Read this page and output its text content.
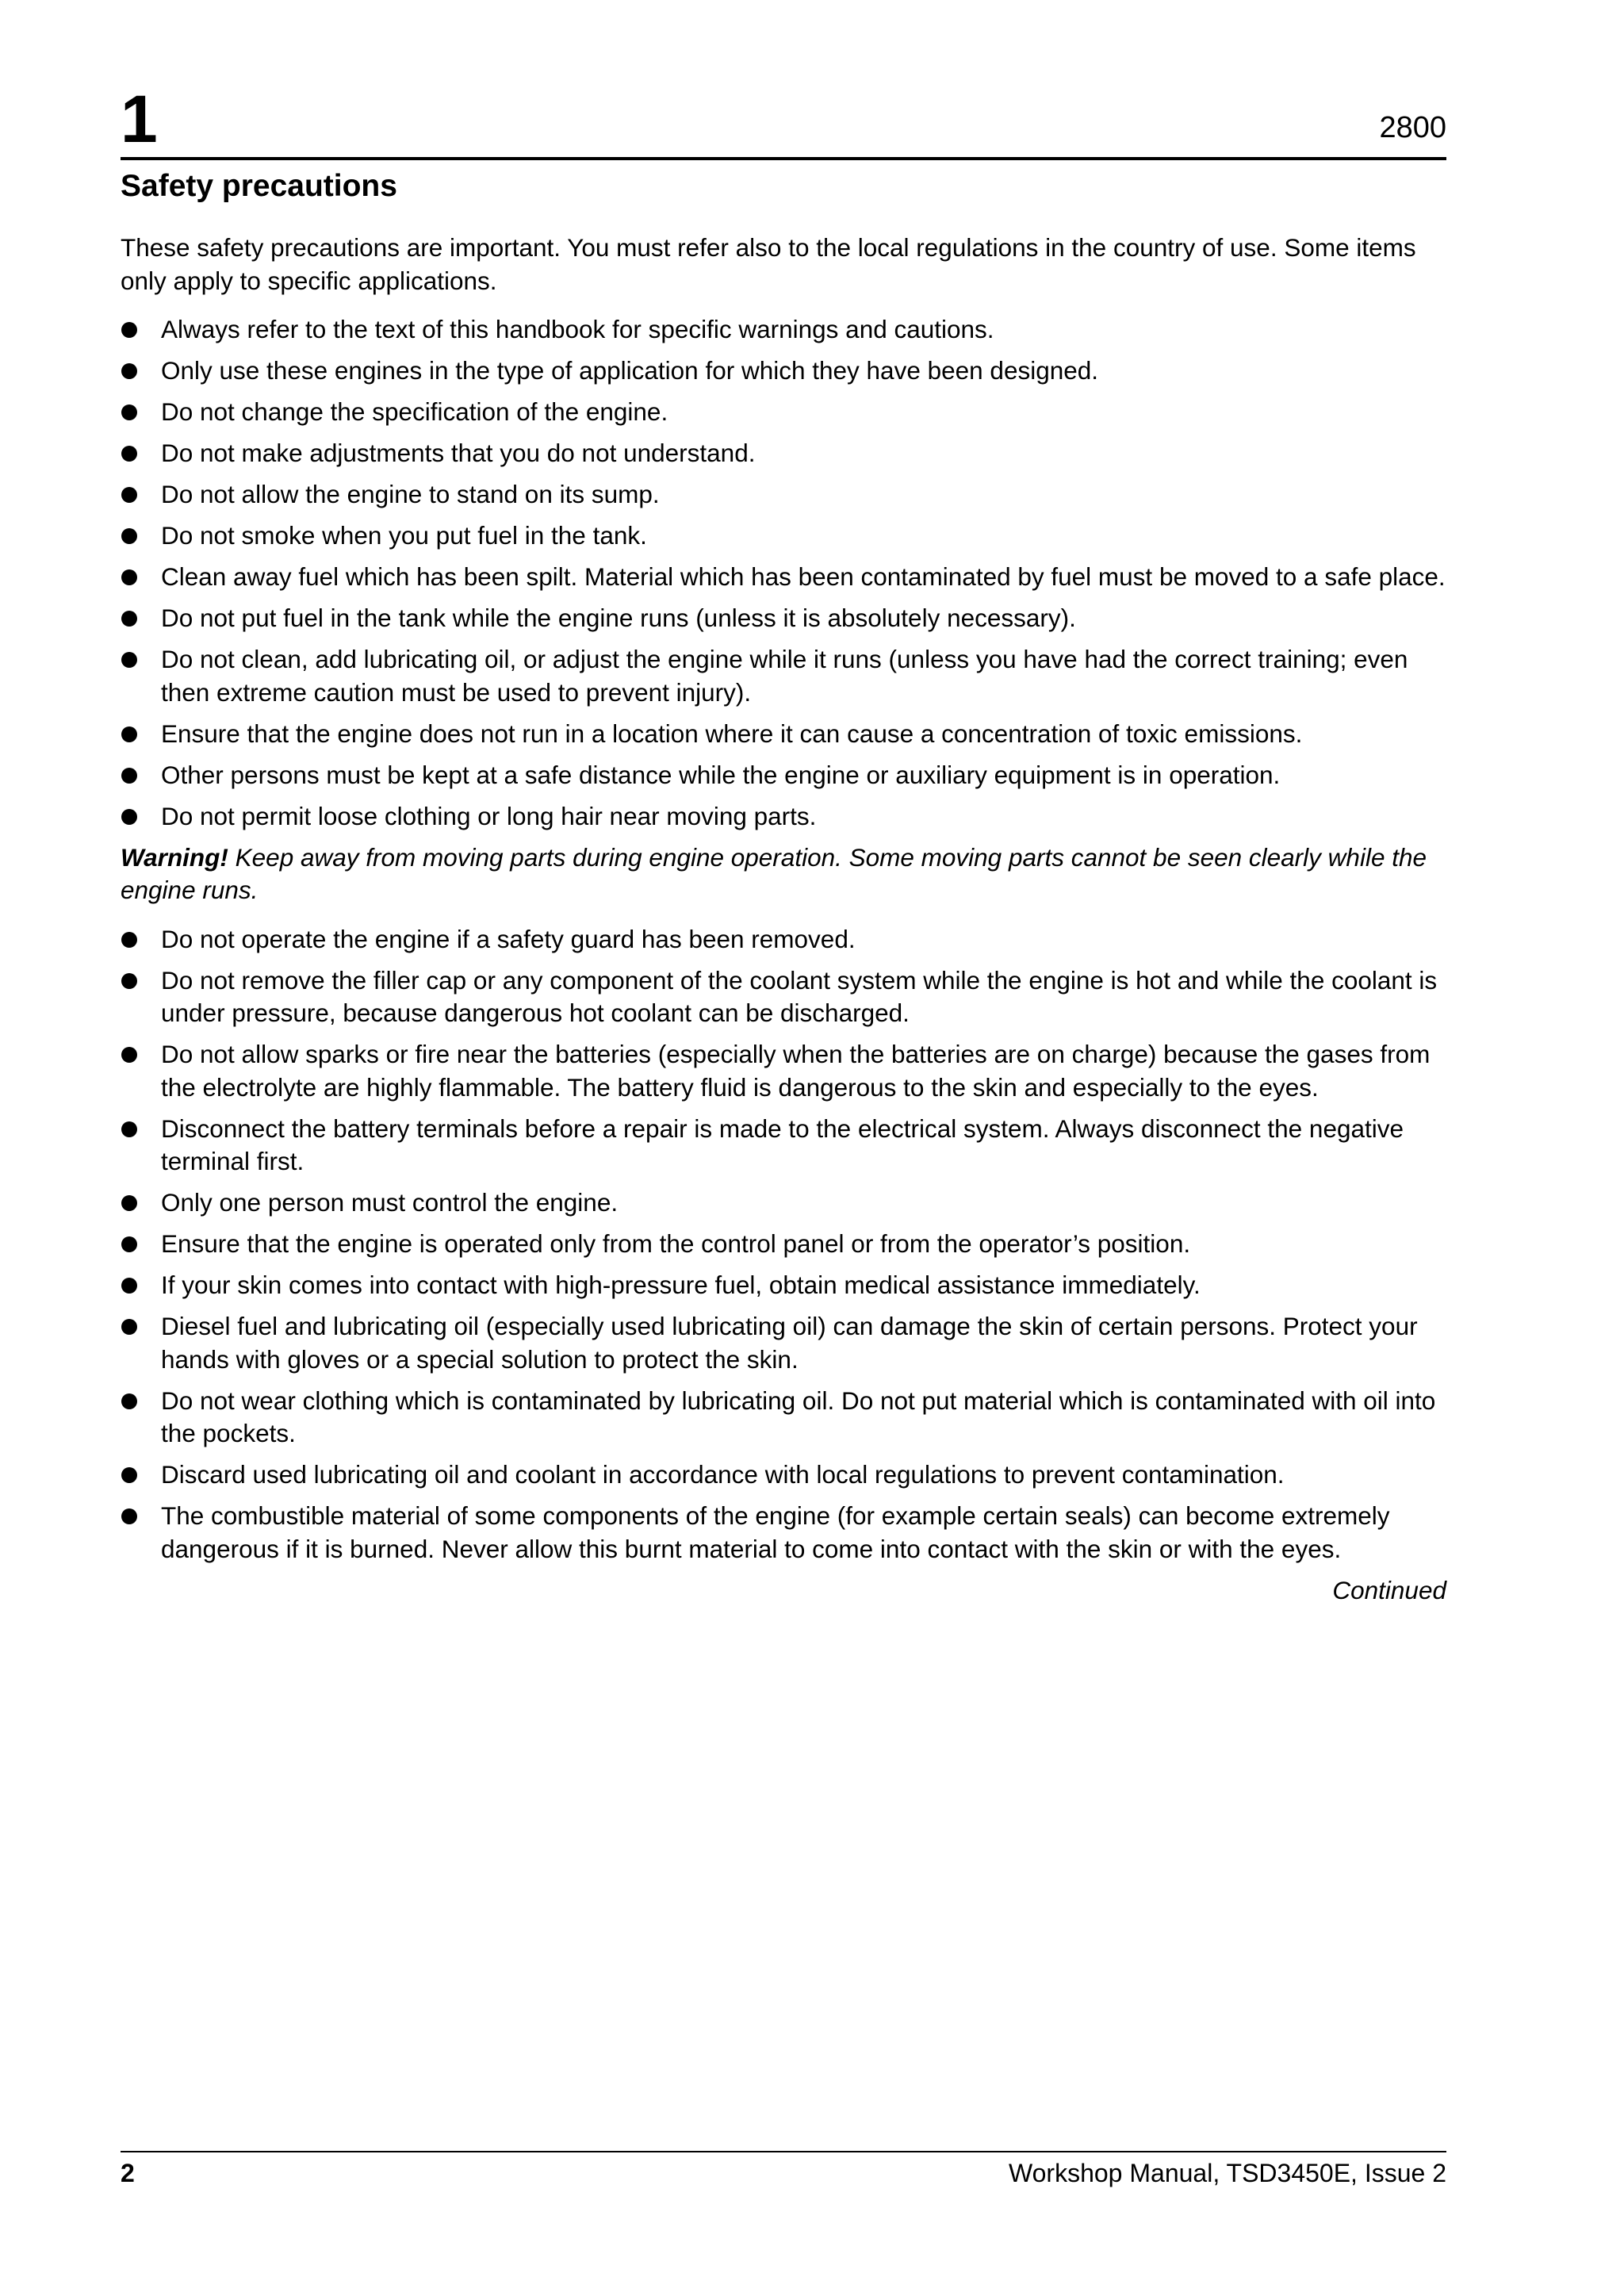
1	2800
Safety precautions

These safety precautions are important. You must refer also to the local regulations in the country of use. Some items only apply to specific applications.

Always refer to the text of this handbook for specific warnings and cautions.
Only use these engines in the type of application for which they have been designed.
Do not change the specification of the engine.
Do not make adjustments that you do not understand.
Do not allow the engine to stand on its sump.
Do not smoke when you put fuel in the tank.
Clean away fuel which has been spilt. Material which has been contaminated by fuel must be moved to a safe place.
Do not put fuel in the tank while the engine runs (unless it is absolutely necessary).
Do not clean, add lubricating oil, or adjust the engine while it runs (unless you have had the correct training; even then extreme caution must be used to prevent injury).
Ensure that the engine does not run in a location where it can cause a concentration of toxic emissions.
Other persons must be kept at a safe distance while the engine or auxiliary equipment is in operation.
Do not permit loose clothing or long hair near moving parts.

Warning! Keep away from moving parts during engine operation. Some moving parts cannot be seen clearly while the engine runs.

Do not operate the engine if a safety guard has been removed.
Do not remove the filler cap or any component of the coolant system while the engine is hot and while the coolant is under pressure, because dangerous hot coolant can be discharged.
Do not allow sparks or fire near the batteries (especially when the batteries are on charge) because the gases from the electrolyte are highly flammable. The battery fluid is dangerous to the skin and especially to the eyes.
Disconnect the battery terminals before a repair is made to the electrical system. Always disconnect the negative terminal first.
Only one person must control the engine.
Ensure that the engine is operated only from the control panel or from the operator’s position.
If your skin comes into contact with high-pressure fuel, obtain medical assistance immediately.
Diesel fuel and lubricating oil (especially used lubricating oil) can damage the skin of certain persons. Protect your hands with gloves or a special solution to protect the skin.
Do not wear clothing which is contaminated by lubricating oil. Do not put material which is contaminated with oil into the pockets.
Discard used lubricating oil and coolant in accordance with local regulations to prevent contamination.
The combustible material of some components of the engine (for example certain seals) can become extremely dangerous if it is burned. Never allow this burnt material to come into contact with the skin or with the eyes.

Continued

2	Workshop Manual, TSD3450E, Issue 2
